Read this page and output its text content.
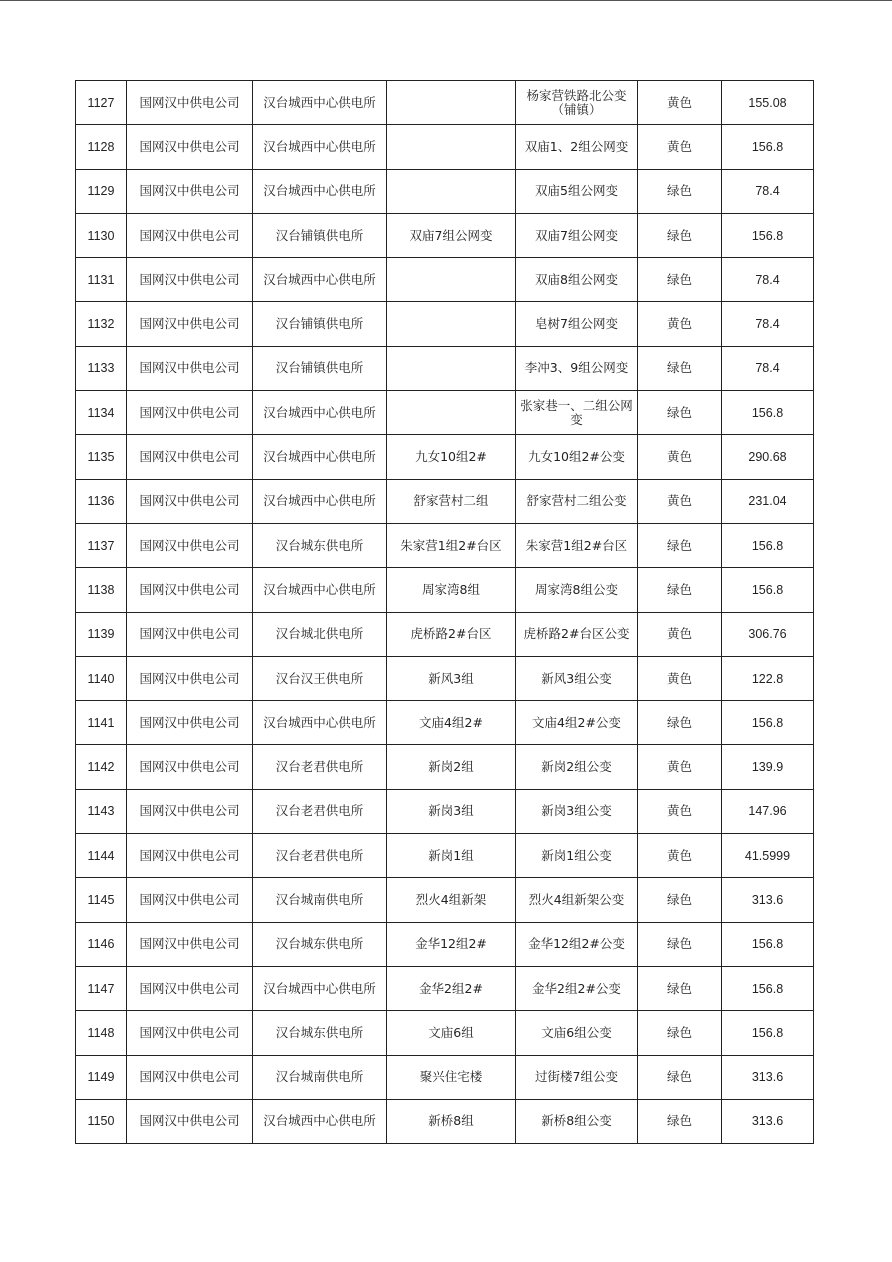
1127	国网汉中供电公司	汉台城西中心供电所		杨家营铁路北公变（铺镇）	黄色	155.08
1128	国网汉中供电公司	汉台城西中心供电所		双庙1、2组公网变	黄色	156.8
1129	国网汉中供电公司	汉台城西中心供电所		双庙5组公网变	绿色	78.4
1130	国网汉中供电公司	汉台铺镇供电所	双庙7组公网变	双庙7组公网变	绿色	156.8
1131	国网汉中供电公司	汉台城西中心供电所		双庙8组公网变	绿色	78.4
1132	国网汉中供电公司	汉台铺镇供电所		皂树7组公网变	黄色	78.4
1133	国网汉中供电公司	汉台铺镇供电所		李冲3、9组公网变	绿色	78.4
1134	国网汉中供电公司	汉台城西中心供电所		张家巷一、二组公网变	绿色	156.8
1135	国网汉中供电公司	汉台城西中心供电所	九女10组2#	九女10组2#公变	黄色	290.68
1136	国网汉中供电公司	汉台城西中心供电所	舒家营村二组	舒家营村二组公变	黄色	231.04
1137	国网汉中供电公司	汉台城东供电所	朱家营1组2#台区	朱家营1组2#台区	绿色	156.8
1138	国网汉中供电公司	汉台城西中心供电所	周家湾8组	周家湾8组公变	绿色	156.8
1139	国网汉中供电公司	汉台城北供电所	虎桥路2#台区	虎桥路2#台区公变	黄色	306.76
1140	国网汉中供电公司	汉台汉王供电所	新风3组	新风3组公变	黄色	122.8
1141	国网汉中供电公司	汉台城西中心供电所	文庙4组2#	文庙4组2#公变	绿色	156.8
1142	国网汉中供电公司	汉台老君供电所	新岗2组	新岗2组公变	黄色	139.9
1143	国网汉中供电公司	汉台老君供电所	新岗3组	新岗3组公变	黄色	147.96
1144	国网汉中供电公司	汉台老君供电所	新岗1组	新岗1组公变	黄色	41.5999
1145	国网汉中供电公司	汉台城南供电所	烈火4组新架	烈火4组新架公变	绿色	313.6
1146	国网汉中供电公司	汉台城东供电所	金华12组2#	金华12组2#公变	绿色	156.8
1147	国网汉中供电公司	汉台城西中心供电所	金华2组2#	金华2组2#公变	绿色	156.8
1148	国网汉中供电公司	汉台城东供电所	文庙6组	文庙6组公变	绿色	156.8
1149	国网汉中供电公司	汉台城南供电所	聚兴住宅楼	过街楼7组公变	绿色	313.6
1150	国网汉中供电公司	汉台城西中心供电所	新桥8组	新桥8组公变	绿色	313.6
